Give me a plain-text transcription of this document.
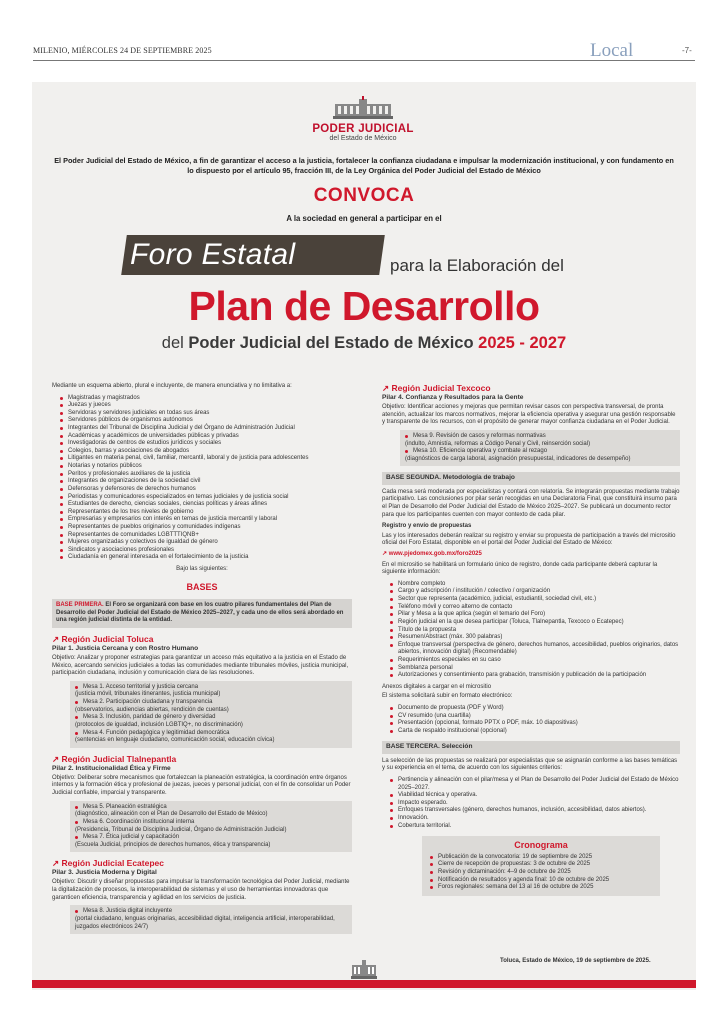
MILENIO, MIÉRCOLES 24 DE SEPTIEMBRE 2025	Local	-7-
PODER JUDICIAL
del Estado de México
El Poder Judicial del Estado de México, a fin de garantizar el acceso a la justicia, fortalecer la confianza ciudadana e impulsar la modernización institucional, y con fundamento en lo dispuesto por el artículo 95, fracción III, de la Ley Orgánica del Poder Judicial del Estado de México
CONVOCA
A la sociedad en general a participar en el
Foro Estatal	para la Elaboración del
Plan de Desarrollo
del Poder Judicial del Estado de México 2025 - 2027

Mediante un esquema abierto, plural e incluyente, de manera enunciativa y no limitativa a:

Magistradas y magistrados
Juezas y jueces
Servidoras y servidores judiciales en todas sus áreas
Servidores públicos de organismos autónomos
Integrantes del Tribunal de Disciplina Judicial y del Órgano de Administración Judicial
Académicas y académicos de universidades públicas y privadas
Investigadoras de centros de estudios jurídicos y sociales
Colegios, barras y asociaciones de abogados
Litigantes en materia penal, civil, familiar, mercantil, laboral y de justicia para adolescentes
Notarias y notarios públicos
Peritos y profesionales auxiliares de la justicia
Integrantes de organizaciones de la sociedad civil
Defensoras y defensores de derechos humanos
Periodistas y comunicadores especializados en temas judiciales y de justicia social
Estudiantes de derecho, ciencias sociales, ciencias políticas y áreas afines
Representantes de los tres niveles de gobierno
Empresarias y empresarios con interés en temas de justicia mercantil y laboral
Representantes de pueblos originarios y comunidades indígenas
Representantes de comunidades LGBTTTIQNB+
Mujeres organizadas y colectivos de igualdad de género
Sindicatos y asociaciones profesionales
Ciudadanía en general interesada en el fortalecimiento de la justicia

Bajo las siguientes:

BASES
BASE PRIMERA. El Foro se organizará con base en los cuatro pilares fundamentales del Plan de Desarrollo del Poder Judicial del Estado de México 2025–2027, y cada uno de ellos será abordado en una región judicial distinta de la entidad.
↗ Región Judicial Toluca
Pilar 1. Justicia Cercana y con Rostro Humano

Objetivo: Analizar y proponer estrategias para garantizar un acceso más equitativo a la justicia en el Estado de México, acercando servicios judiciales a todas las comunidades mediante tribunales móviles, justicia municipal, participación ciudadana, inclusión y comunicación clara de las resoluciones.

Mesa 1. Acceso territorial y justicia cercana
(justicia móvil, tribunales itinerantes, justicia municipal)
Mesa 2. Participación ciudadana y transparencia
(observatorios, audiencias abiertas, rendición de cuentas)
Mesa 3. Inclusión, paridad de género y diversidad
(protocolos de igualdad, inclusión LGBTIQ+, no discriminación)
Mesa 4. Función pedagógica y legitimidad democrática
(sentencias en lenguaje ciudadano, comunicación social, educación cívica)
↗ Región Judicial Tlalnepantla
Pilar 2. Institucionalidad Ética y Firme

Objetivo: Deliberar sobre mecanismos que fortalezcan la planeación estratégica, la coordinación entre órganos internos y la formación ética y profesional de juezas, jueces y personal judicial, con el fin de consolidar un Poder Judicial confiable, imparcial y transparente.

Mesa 5. Planeación estratégica
(diagnóstico, alineación con el Plan de Desarrollo del Estado de México)
Mesa 6. Coordinación institucional interna
(Presidencia, Tribunal de Disciplina Judicial, Órgano de Administración Judicial)
Mesa 7. Ética judicial y capacitación
(Escuela Judicial, principios de derechos humanos, ética y transparencia)
↗ Región Judicial Ecatepec
Pilar 3. Justicia Moderna y Digital

Objetivo: Discutir y diseñar propuestas para impulsar la transformación tecnológica del Poder Judicial, mediante la digitalización de procesos, la interoperabilidad de sistemas y el uso de herramientas innovadoras que garanticen eficiencia, transparencia y agilidad en los servicios de justicia.

Mesa 8. Justicia digital incluyente
(portal ciudadano, lenguas originarias, accesibilidad digital, inteligencia artificial, interoperabilidad, juzgados electrónicos 24/7)
↗ Región Judicial Texcoco
Pilar 4. Confianza y Resultados para la Gente

Objetivo: Identificar acciones y mejoras que permitan revisar casos con perspectiva transversal, de pronta atención, actualizar los marcos normativos, mejorar la eficiencia operativa y asegurar una gestión responsable y transparente de los recursos, con el propósito de generar mayor confianza ciudadana en el Poder Judicial.

Mesa 9. Revisión de casos y reformas normativas
(indulto, Amnistía, reformas a Código Penal y Civil, reinserción social)
Mesa 10. Eficiencia operativa y combate al rezago
(diagnósticos de carga laboral, asignación presupuestal, indicadores de desempeño)
BASE SEGUNDA. Metodología de trabajo

Cada mesa será moderada por especialistas y contará con relatoría. Se integrarán propuestas mediante trabajo participativo. Las conclusiones por pilar serán recogidas en una Declaratoria Final, que constituirá insumo para el Plan de Desarrollo del Poder Judicial del Estado de México 2025–2027. Se publicará un documento rector para que los participantes cuenten con mayor contexto de cada pilar.

Registro y envío de propuestas

Las y los interesados deberán realizar su registro y enviar su propuesta de participación a través del micrositio oficial del Foro Estatal, disponible en el portal del Poder Judicial del Estado de México:

↗ www.pjedomex.gob.mx/foro2025

En el micrositio se habilitará un formulario único de registro, donde cada participante deberá capturar la siguiente información:

Nombre completo
Cargo y adscripción / institución / colectivo / organización
Sector que representa (académico, judicial, estudiantil, sociedad civil, etc.)
Teléfono móvil y correo alterno de contacto
Pilar y Mesa a la que aplica (según el temario del Foro)
Región judicial en la que desea participar (Toluca, Tlalnepantla, Texcoco o Ecatepec)
Título de la propuesta
Resumen/Abstract (máx. 300 palabras)
Enfoque transversal (perspectiva de género, derechos humanos, accesibilidad, pueblos originarios, datos abiertos, innovación digital) (Recomendable)
Requerimientos especiales en su caso
Semblanza personal
Autorizaciones y consentimiento para grabación, transmisión y publicación de la participación

Anexos digitales a cargar en el micrositio

El sistema solicitará subir en formato electrónico:

Documento de propuesta (PDF y Word)
CV resumido (una cuartilla)
Presentación (opcional, formato PPTX o PDF, máx. 10 diapositivas)
Carta de respaldo institucional (opcional)
BASE TERCERA. Selección

La selección de las propuestas se realizará por especialistas que se asignarán conforme a las bases temáticas y su experiencia en el tema, de acuerdo con los siguientes criterios:

Pertinencia y alineación con el pilar/mesa y el Plan de Desarrollo del Poder Judicial del Estado de México 2025–2027.
Viabilidad técnica y operativa.
Impacto esperado.
Enfoques transversales (género, derechos humanos, inclusión, accesibilidad, datos abiertos).
Innovación.
Cobertura territorial.
Cronograma
Publicación de la convocatoria: 19 de septiembre de 2025
Cierre de recepción de propuestas: 3 de octubre de 2025
Revisión y dictaminación: 4–9 de octubre de 2025
Notificación de resultados y agenda final: 10 de octubre de 2025
Foros regionales: semana del 13 al 16 de octubre de 2025
Toluca, Estado de México, 19 de septiembre de 2025.
